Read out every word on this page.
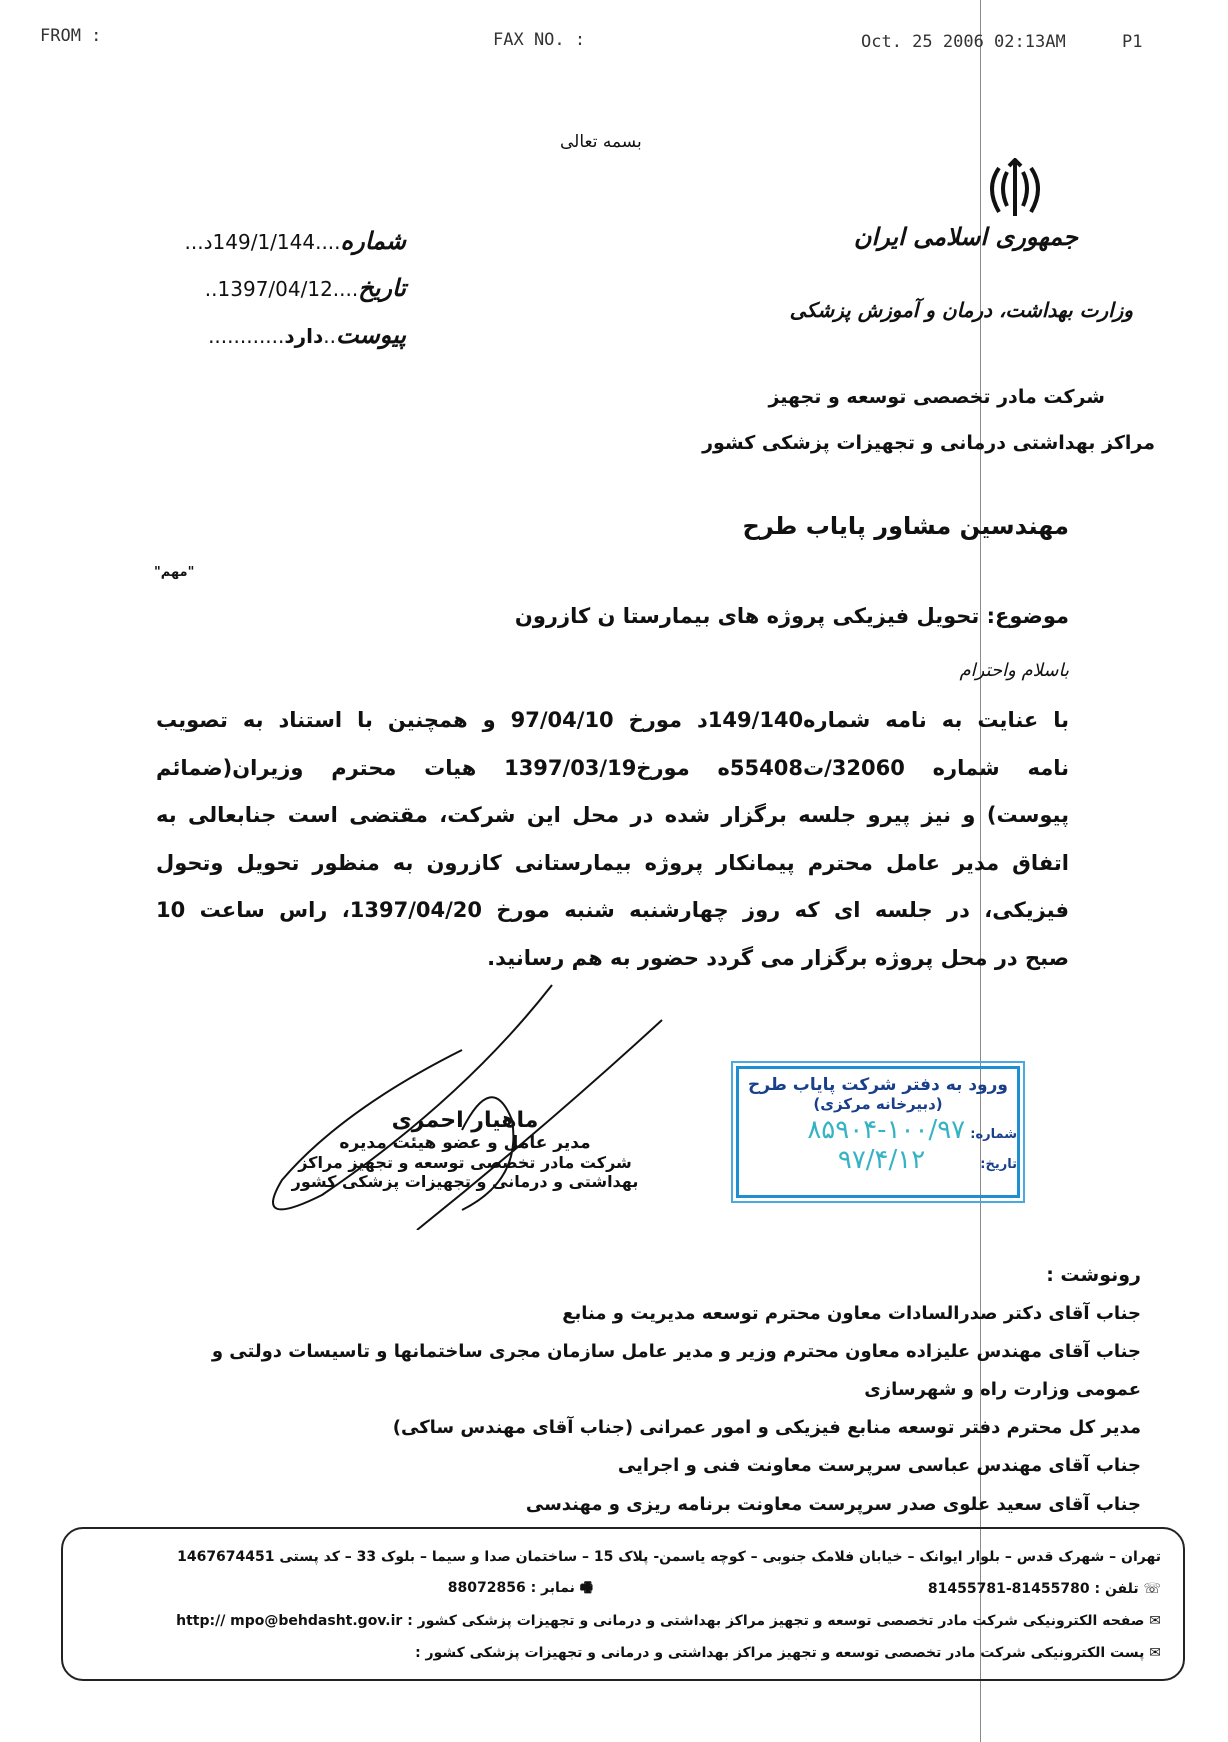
FROM :	FAX NO. :	Oct. 25 2006 02:13AM	P1
بسمه تعالی
جمهوری اسلامی ایران
وزارت بهداشت، درمان و آموزش پزشکی
شماره....149/1/144د...
تاریخ....1397/04/12..
پیوست..دارد............
شرکت مادر تخصصی توسعه و تجهیز
مراکز بهداشتی درمانی و تجهیزات پزشکی کشور
"مهم"
مهندسین مشاور پایاب طرح
موضوع: تحویل فیزیکی پروژه های بیمارستا ن کازرون
باسلام واحترام
با عنایت به نامه شماره149/140د مورخ 97/04/10 و همچنین با استناد به تصویب
نامه شماره 32060/ت55408ه مورخ1397/03/19 هیات محترم وزیران(ضمائم
پیوست) و نیز پیرو جلسه برگزار شده در محل این شرکت، مقتضی است جنابعالی به
اتفاق مدیر عامل محترم پیمانکار پروژه بیمارستانی کازرون به منظور تحویل وتحول
فیزیکی، در جلسه ای که روز چهارشنبه شنبه مورخ 1397/04/20، راس ساعت 10
صبح در محل پروژه برگزار می گردد حضور به هم رسانید.
ماهیار احمری
مدیر عامل و عضو هیئت مدیره
شرکت مادر تخصصی توسعه و تجهیز مراکز
بهداشتی و درمانی و تجهیزات پزشکی کشور
ورود به دفتر شرکت پایاب طرح
(دبیرخانه مرکزی)
شماره: ۱۰۰/۹۷-۸۵۹۰۴
تاریخ: ۹۷/۴/۱۲
رونوشت :
جناب آقای دکتر صدرالسادات معاون محترم توسعه مدیریت و منابع
جناب آقای مهندس علیزاده معاون محترم وزیر و مدیر عامل سازمان مجری ساختمانها و تاسیسات دولتی و
عمومی وزارت راه و شهرسازی
مدیر کل محترم دفتر توسعه منابع فیزیکی و امور عمرانی (جناب آقای مهندس ساکی)
جناب آقای مهندس عباسی سرپرست معاونت فنی و اجرایی
جناب آقای سعید علوی صدر سرپرست معاونت برنامه ریزی و مهندسی
تهران – شهرک قدس – بلوار ایوانک – خیابان فلامک جنوبی – کوچه یاسمن- پلاک 15 – ساختمان صدا و سیما – بلوک 33 – کد پستی 1467674451
☏ تلفن : 81455780-81455781
🖷 نمابر : 88072856
✉ صفحه الکترونیکی شرکت مادر تخصصی توسعه و تجهیز مراکز بهداشتی و درمانی و تجهیزات پزشکی کشور : http:// mpo@behdasht.gov.ir
✉ پست الکترونیکی شرکت مادر تخصصی توسعه و تجهیز مراکز بهداشتی و درمانی و تجهیزات پزشکی کشور :
